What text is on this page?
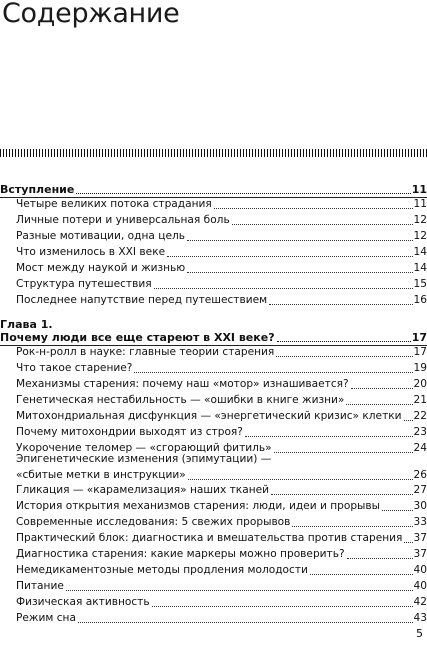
Содержание
Вступление	11
Четыре великих потока страдания	11
Личные потери и универсальная боль	12
Разные мотивации, одна цель	12
Что изменилось в XXI веке	14
Мост между наукой и жизнью	14
Структура путешествия	15
Последнее напутствие перед путешествием	16
Глава 1.
Почему люди все еще стареют в XXI веке?	17
Рок-н-ролл в науке: главные теории старения	17
Что такое старение?	19
Механизмы старения: почему наш «мотор» изнашивается?	20
Генетическая нестабильность — «ошибки в книге жизни»	21
Митохондриальная дисфункция — «энергетический кризис» клетки 22
Почему митохондрии выходят из строя?	23
Укорочение теломер — «сгорающий фитиль»	24
Эпигенетические изменения (эпимутации) —
«сбитые метки в инструкции»	26
Гликация — «карамелизация» наших тканей	27
История открытия механизмов старения: люди, идеи и прорывы	30
Современные исследования: 5 свежих прорывов	33
Практический блок: диагностика и вмешательства против старения 37
Диагностика старения: какие маркеры можно проверить?	37
Немедикаментозные методы продления молодости	40
Питание	40
Физическая активность	42
Режим сна	43
5
